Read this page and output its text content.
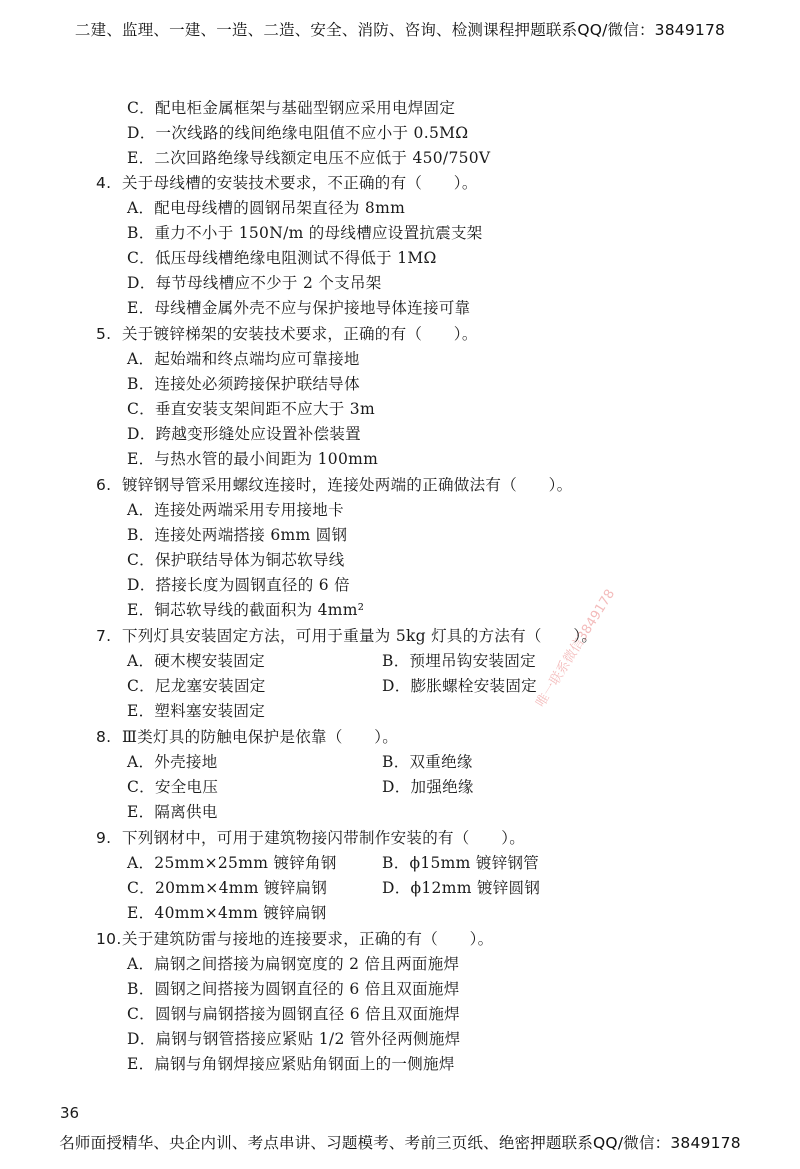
二建、监理、一建、一造、二造、安全、消防、咨询、检测课程押题联系QQ/微信：3849178
唯一联系微信3849178
C．配电柜金属框架与基础型钢应采用电焊固定
D．一次线路的线间绝缘电阻值不应小于 0.5MΩ
E．二次回路绝缘导线额定电压不应低于 450/750V
4. 关于母线槽的安装技术要求，不正确的有（　　）。
A．配电母线槽的圆钢吊架直径为 8mm
B．重力不小于 150N/m 的母线槽应设置抗震支架
C．低压母线槽绝缘电阻测试不得低于 1MΩ
D．每节母线槽应不少于 2 个支吊架
E．母线槽金属外壳不应与保护接地导体连接可靠
5. 关于镀锌梯架的安装技术要求，正确的有（　　）。
A．起始端和终点端均应可靠接地
B．连接处必须跨接保护联结导体
C．垂直安装支架间距不应大于 3m
D．跨越变形缝处应设置补偿装置
E．与热水管的最小间距为 100mm
6. 镀锌钢导管采用螺纹连接时，连接处两端的正确做法有（　　）。
A．连接处两端采用专用接地卡
B．连接处两端搭接 6mm 圆钢
C．保护联结导体为铜芯软导线
D．搭接长度为圆钢直径的 6 倍
E．铜芯软导线的截面积为 4mm²
7. 下列灯具安装固定方法，可用于重量为 5kg 灯具的方法有（　　）。
A．硬木楔安装固定	B．预埋吊钩安装固定
C．尼龙塞安装固定	D．膨胀螺栓安装固定
E．塑料塞安装固定
8. Ⅲ类灯具的防触电保护是依靠（　　）。
A．外壳接地	B．双重绝缘
C．安全电压	D．加强绝缘
E．隔离供电
9. 下列钢材中，可用于建筑物接闪带制作安装的有（　　）。
A．25mm×25mm 镀锌角钢	B．ϕ15mm 镀锌钢管
C．20mm×4mm 镀锌扁钢	D．ϕ12mm 镀锌圆钢
E．40mm×4mm 镀锌扁钢
10. 关于建筑防雷与接地的连接要求，正确的有（　　）。
A．扁钢之间搭接为扁钢宽度的 2 倍且两面施焊
B．圆钢之间搭接为圆钢直径的 6 倍且双面施焊
C．圆钢与扁钢搭接为圆钢直径 6 倍且双面施焊
D．扁钢与钢管搭接应紧贴 1/2 管外径两侧施焊
E．扁钢与角钢焊接应紧贴角钢面上的一侧施焊
36
名师面授精华、央企内训、考点串讲、习题模考、考前三页纸、绝密押题联系QQ/微信：3849178
